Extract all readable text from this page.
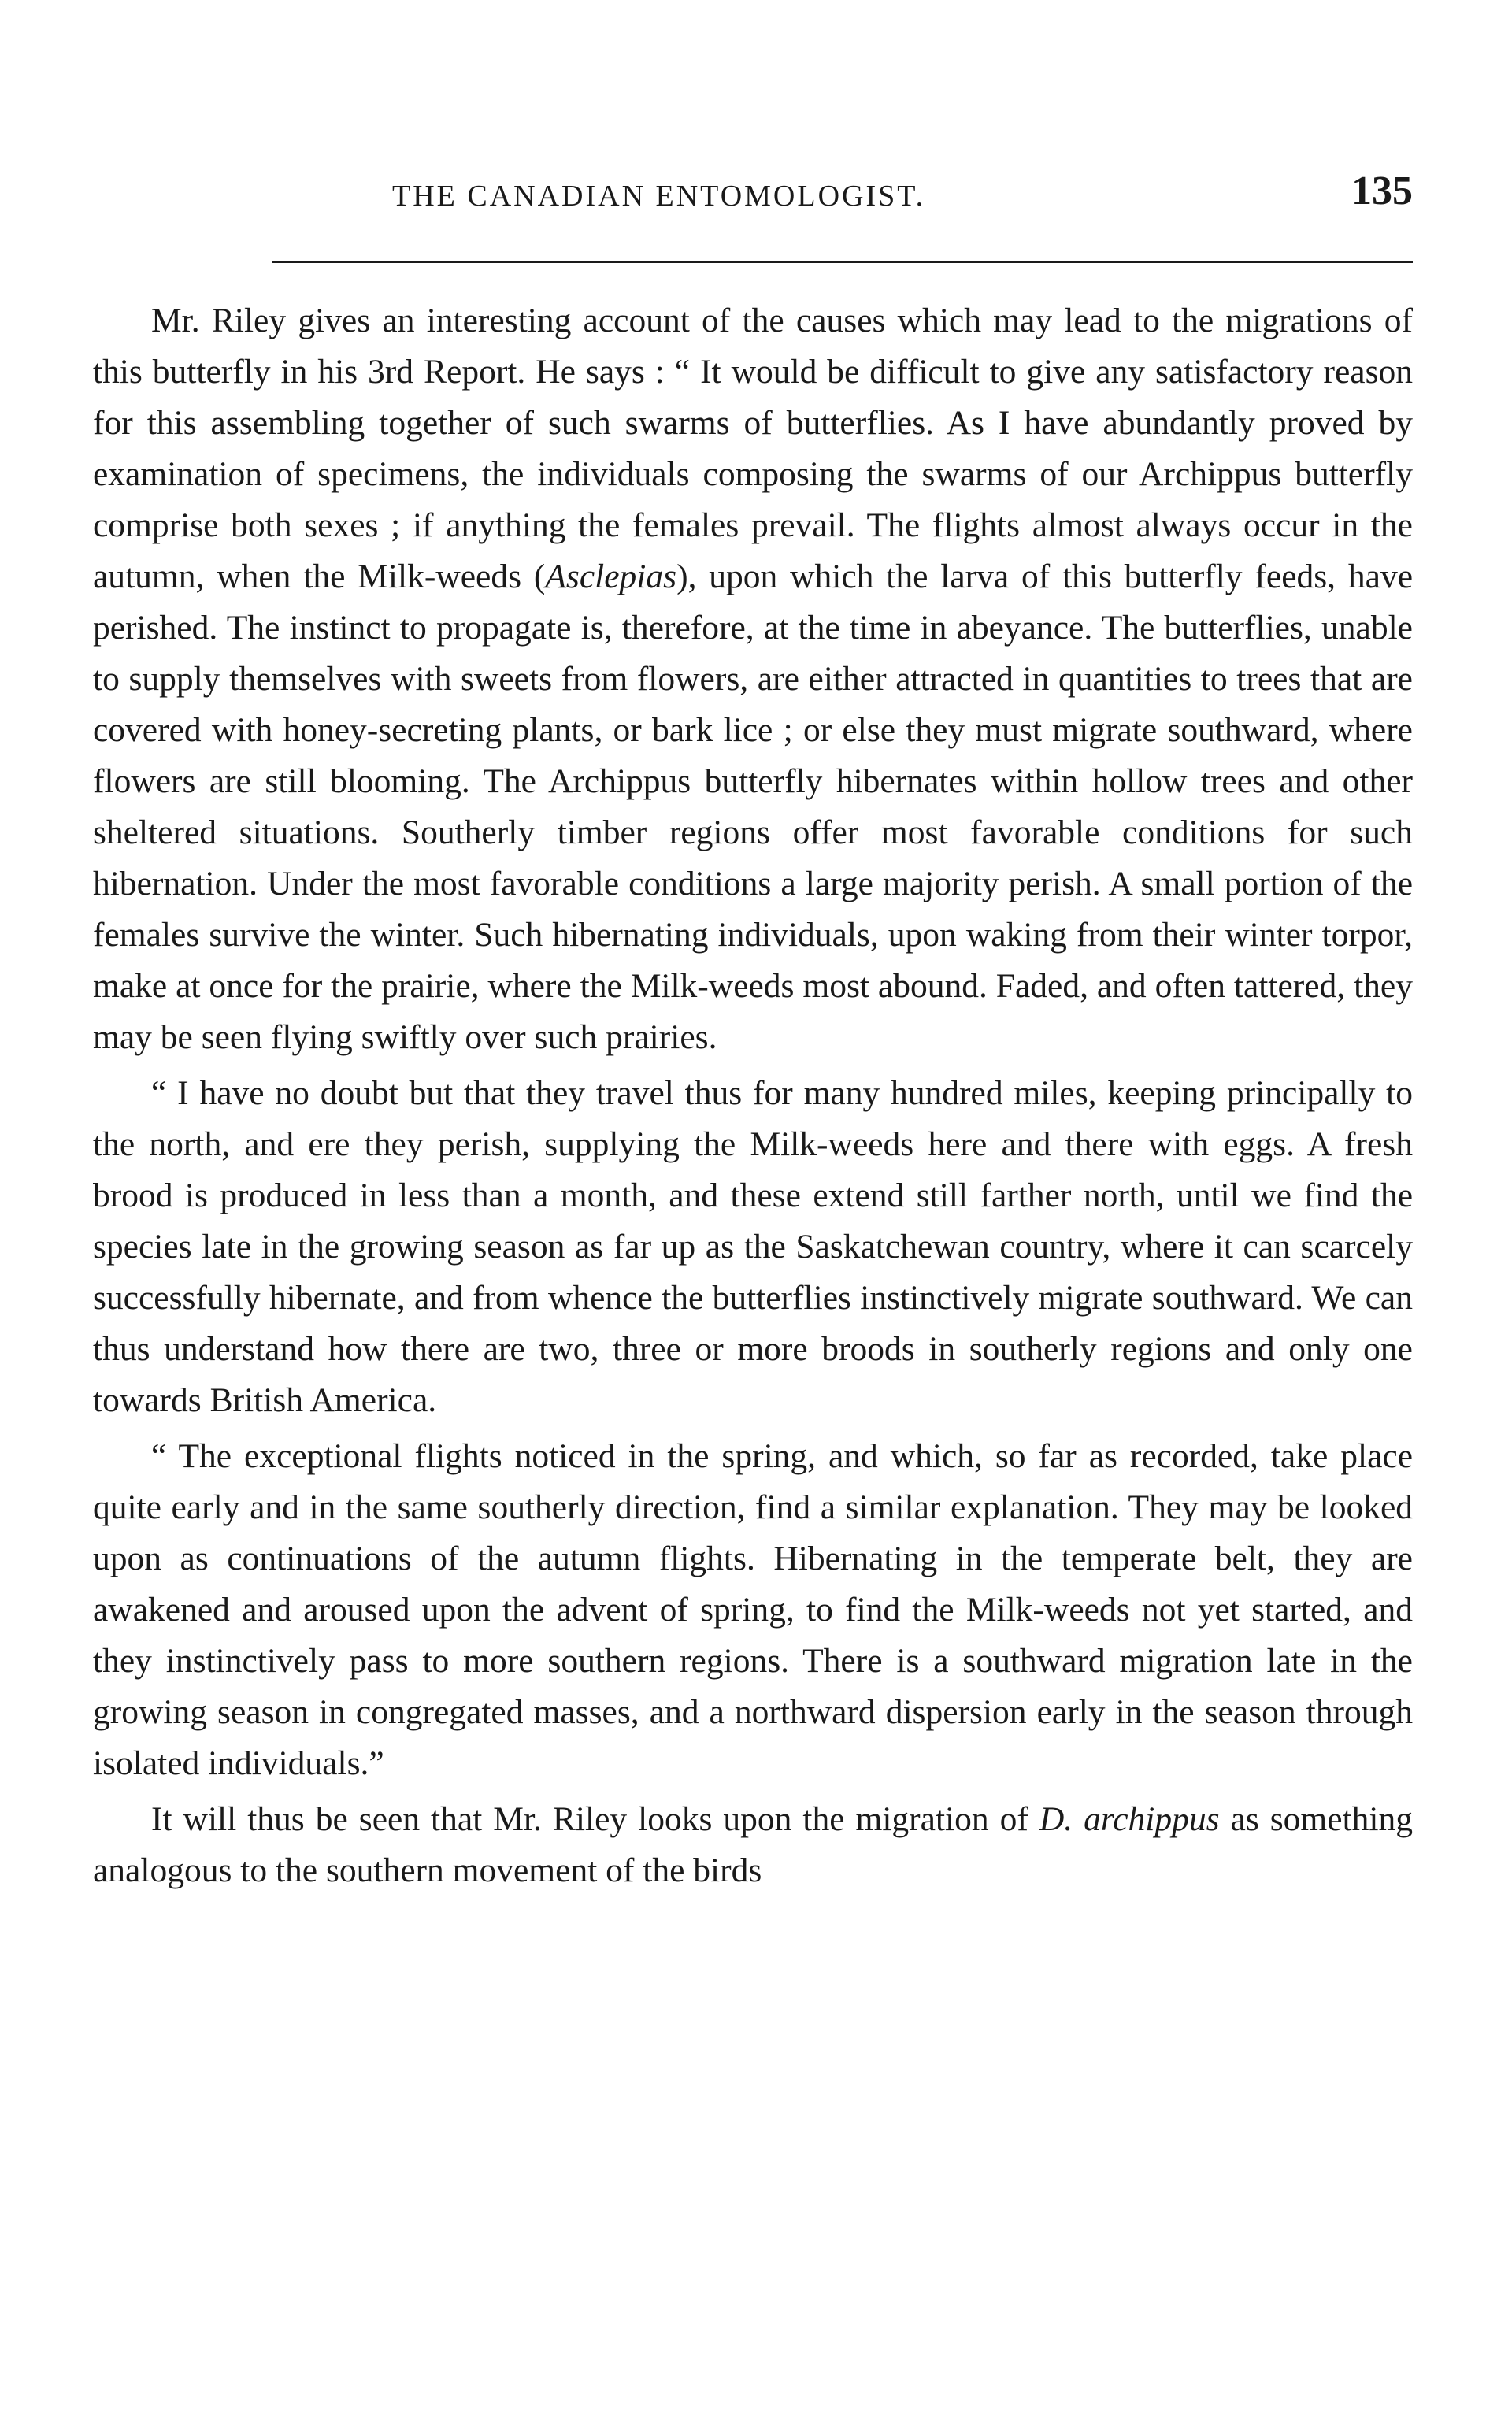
THE CANADIAN ENTOMOLOGIST.	135

Mr. Riley gives an interesting account of the causes which may lead to the migrations of this butterfly in his 3rd Report. He says : “ It would be difficult to give any satisfactory reason for this assembling together of such swarms of butterflies. As I have abundantly proved by examination of specimens, the individuals composing the swarms of our Archippus butterfly comprise both sexes ; if anything the females prevail. The flights almost always occur in the autumn, when the Milk-weeds (Asclepias), upon which the larva of this butterfly feeds, have perished. The instinct to propagate is, therefore, at the time in abeyance. The butterflies, unable to supply themselves with sweets from flowers, are either attracted in quantities to trees that are covered with honey-secreting plants, or bark lice ; or else they must migrate southward, where flowers are still blooming. The Archippus butterfly hibernates within hollow trees and other sheltered situations. Southerly timber regions offer most favorable conditions for such hibernation. Under the most favorable conditions a large majority perish. A small portion of the females survive the winter. Such hibernating individuals, upon waking from their winter torpor, make at once for the prairie, where the Milk-weeds most abound. Faded, and often tattered, they may be seen flying swiftly over such prairies.

“ I have no doubt but that they travel thus for many hundred miles, keeping principally to the north, and ere they perish, supplying the Milk-weeds here and there with eggs. A fresh brood is produced in less than a month, and these extend still farther north, until we find the species late in the growing season as far up as the Saskatchewan country, where it can scarcely successfully hibernate, and from whence the butterflies instinctively migrate southward. We can thus understand how there are two, three or more broods in southerly regions and only one towards British America.

“ The exceptional flights noticed in the spring, and which, so far as recorded, take place quite early and in the same southerly direction, find a similar explanation. They may be looked upon as continuations of the autumn flights. Hibernating in the temperate belt, they are awakened and aroused upon the advent of spring, to find the Milk-weeds not yet started, and they instinctively pass to more southern regions. There is a southward migration late in the growing season in congregated masses, and a northward dispersion early in the season through isolated individuals.”

It will thus be seen that Mr. Riley looks upon the migration of D. archippus as something analogous to the southern movement of the birds
